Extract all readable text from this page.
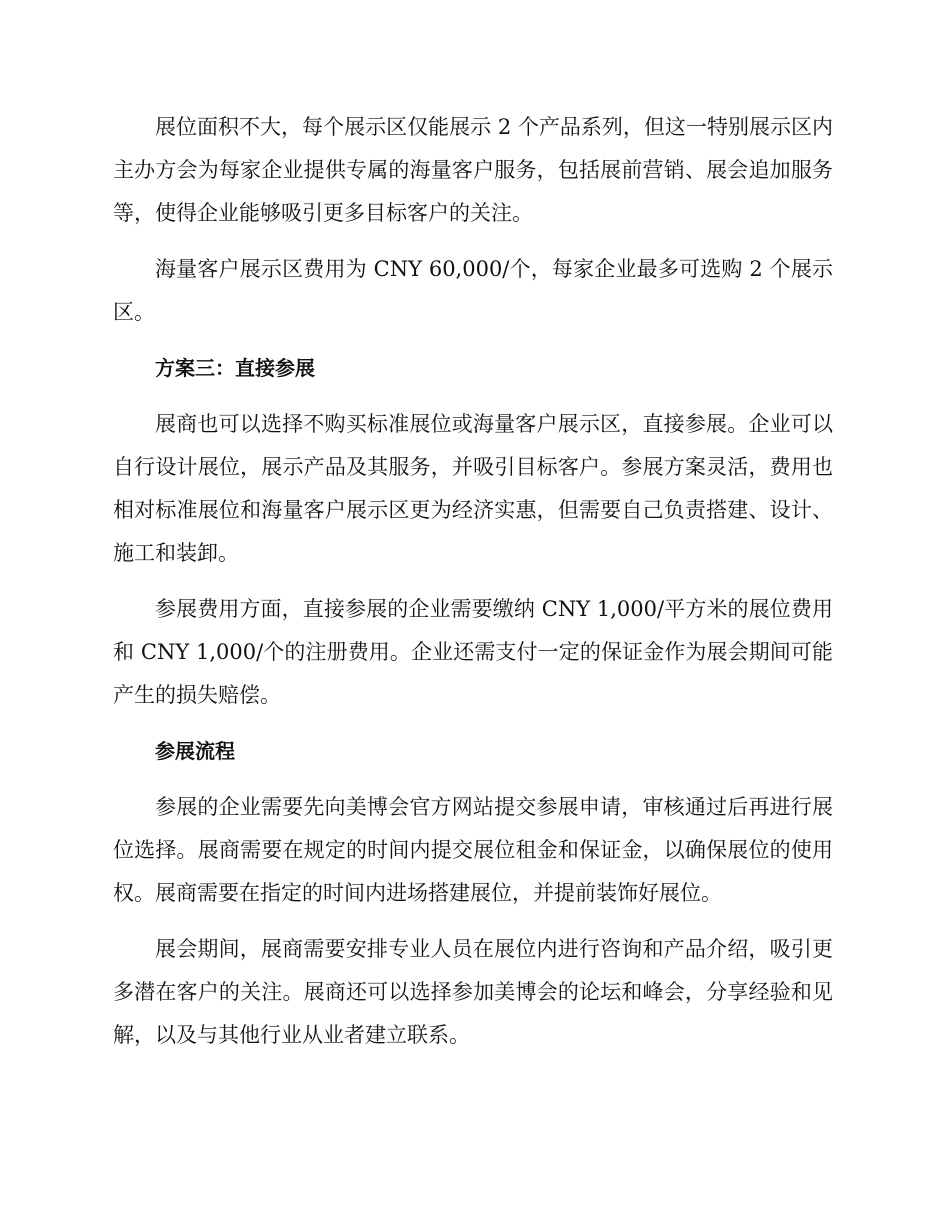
展位面积不大，每个展示区仅能展示 2 个产品系列，但这一特别展示区内主办方会为每家企业提供专属的海量客户服务，包括展前营销、展会追加服务等，使得企业能够吸引更多目标客户的关注。

海量客户展示区费用为 CNY 60,000/个，每家企业最多可选购 2 个展示区。

方案三：直接参展

展商也可以选择不购买标准展位或海量客户展示区，直接参展。企业可以自行设计展位，展示产品及其服务，并吸引目标客户。参展方案灵活，费用也相对标准展位和海量客户展示区更为经济实惠，但需要自己负责搭建、设计、施工和装卸。

参展费用方面，直接参展的企业需要缴纳 CNY 1,000/平方米的展位费用和 CNY 1,000/个的注册费用。企业还需支付一定的保证金作为展会期间可能产生的损失赔偿。

参展流程

参展的企业需要先向美博会官方网站提交参展申请，审核通过后再进行展位选择。展商需要在规定的时间内提交展位租金和保证金，以确保展位的使用权。展商需要在指定的时间内进场搭建展位，并提前装饰好展位。

展会期间，展商需要安排专业人员在展位内进行咨询和产品介绍，吸引更多潜在客户的关注。展商还可以选择参加美博会的论坛和峰会，分享经验和见解，以及与其他行业从业者建立联系。
